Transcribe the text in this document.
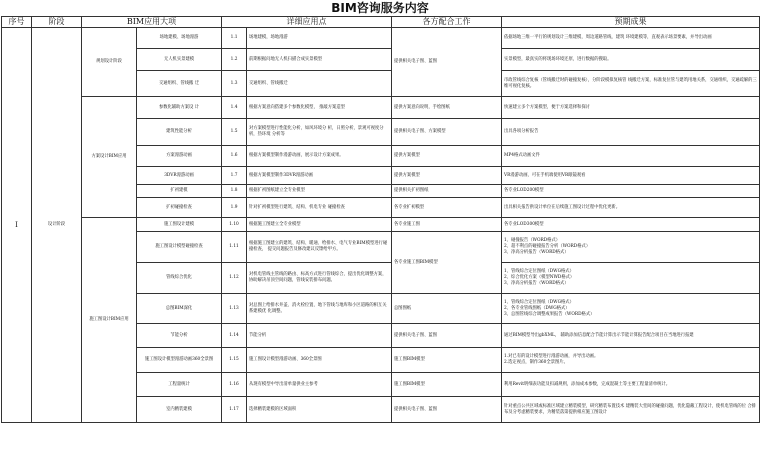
BIM咨询服务内容
序号	阶段	BIM应用大项		详细应用点		各方配合工作	预期成果
I	设计阶段	规划设计阶段	场地建模、场地漫游	1.1	场地建模，场地漫游	提供相关电子图、蓝图	依据场地三维一平行的规划设计三维建模，周边道路管线，建筑 环境建模等，直观表示场景要素，并导出动画
			无人机实景建模	1.2	前期根据问地无人机扫描合成实景模型		实景模型，最真实的将现场环境还原，进行数据的搜取。
			交通组织、管线搬 迁	1.3	交通组织、管线搬迁		市政管线综合复核（管线搬迁时的碰撞复核），分阶段模拟复核管 线搬迁方案，标准复位管与建筑用地关系，交通组织，交通疏解的三维可视化复核。
		方案设计BIM应用	参数化辅助方案设 计	1.4	根据方案意向搭建多个参数化模型， 推敲方案造型	提供方案意向说明，手绘图纸	快速建立多个方案模型，便于方案选择和探讨
			建筑性能分析	1.5	对方案模型进行性能化分析，如风环境分 析，日照分析，景观可视度分析，热环境 分析等	提供相关电子图、方案模型	出具各项分析报告
			方案漫游动画	1.6	根据方案模型制作漫游动画，展示设计方案成果。	提供方案模型	MP4格式动画文件
			3DVR漫游动画	1.7	根据方案模型制作3DVR漫游动画	提供方案模型	VR漫游动画，可在手机端使用VR眼镜观看
			扩初建模	1.8	根据扩初图纸建立全专业模型	提供相关扩初图纸	各专业LOD200模型
			扩初碰撞检查	1.9	针对扩初模型进行建筑、结构、机电专业 碰撞检查	各专业扩初模型	出具相关报告供设计单位在后续施工图设计过程中优化更新。
		施工图设计BIM应用	施工图设计建模	1.10	根据施工图建立全专业模型	各专业施工图	各专业LOD300模型
			施工图设计模型碰撞检查	1.11	根据施工图建立的建筑、结构、暖通、给排水、电气专业BIM模型进行碰撞检查， 提交问题报告及修改建议反馈给甲方。	各专业施工图BIM模型	1、碰撞报告（WORD格式）
2、超不利点的碰撞报告分析（WORD格式）
3、净高分析报告（WORD格式）
			管线综合优化	1.12	对机电管线主管线的路由、标高方式进行管线综合，提出优化调整方案，协助解决吊顶空间问题，管线安装排布问题。		1、管线综合定位图纸（DWG格式）
2、综合优化方案（模型NWD格式）
3、净高分析报告（WORD格式）
			总图BIM深化	1.13	对总图上给排水井盖、消火栓位置、地下管线与地库和小区道路的相互关系建模优 化调整。	总图图纸	1、管线综合定位图纸（DWG格式）
2、各专业管线图纸（DWG格式）
3、总图管线综合调整成果报告（WORD格式）
			节能分析	1.14	节能分析	提供相关电子图、蓝图	通过BIM模型导出gbXML， 辅助添加信息配合节能计算出示节能计算报告配合项目在当地进行报建
			施工图设计模型漫游动画360全景图	1.15	施工图设计模型漫游动画、360全景图	施工图BIM模型	1.对已有的设计模型进行漫游动画，并导出动画。
2.选定视点，制作360全景图片。
			工程量统计	1.16	从现有模型中导出清单量供业主参考	施工图BIM模型	利用Revit明细表功能及扣减规则，添加成本参数，完成混凝土等主要工程量清单统计。
			室内精装建模	1.17	选择精装建模的区域面积	提供相关电子图、蓝图	针对重点公共区域或标准区域建立精装模型，研究精装布置技术 建精装大堂间的碰撞问题，优化隐蔽工程设计，使机电管线的位 合排布及分考虑精装要求，为精装落第提供相应施工图设计
